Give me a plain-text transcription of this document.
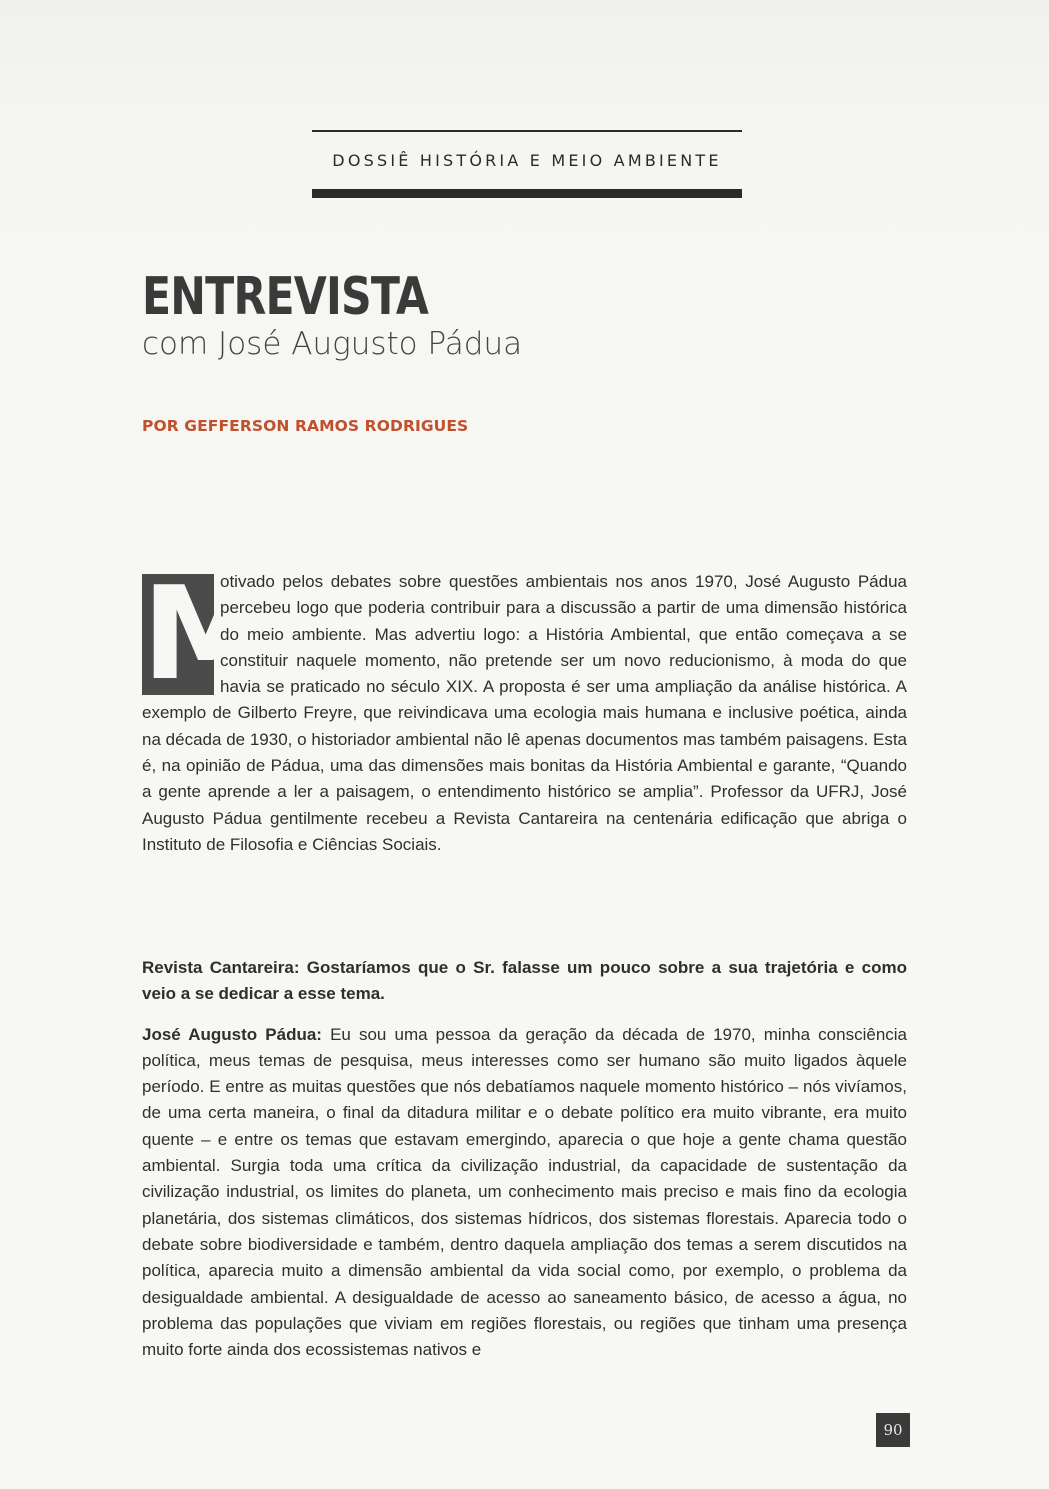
DOSSIÊ HISTÓRIA E MEIO AMBIENTE
ENTREVISTA
com José Augusto Pádua
POR GEFFERSON RAMOS RODRIGUES
M
otivado pelos debates sobre questões ambientais nos anos 1970, José Augusto Pádua percebeu logo que poderia contribuir para a discussão a partir de uma dimensão histórica do meio ambiente. Mas advertiu logo: a História Ambiental, que então começava a se constituir naquele momento, não pretende ser um novo reducionismo, à moda do que havia se praticado no século XIX. A proposta é ser uma ampliação da análise histórica. A exemplo de Gilberto Freyre, que reivindicava uma ecologia mais humana e inclusive poética, ainda na década de 1930, o historiador ambiental não lê apenas documentos mas também paisagens. Esta é, na opinião de Pádua, uma das dimensões mais bonitas da História Ambiental e garante, “Quando a gente aprende a ler a paisagem, o entendimento histórico se amplia”. Professor da UFRJ, José Augusto Pádua gentilmente recebeu a Revista Cantareira na centenária edificação que abriga o Instituto de Filosofia e Ciências Sociais.

Revista Cantareira: Gostaríamos que o Sr. falasse um pouco sobre a sua trajetória e como veio a se dedicar a esse tema.

José Augusto Pádua: Eu sou uma pessoa da geração da década de 1970, minha consciência política, meus temas de pesquisa, meus interesses como ser humano são muito ligados àquele período. E entre as muitas questões que nós debatíamos naquele momento histórico – nós vivíamos, de uma certa maneira, o final da ditadura militar e o debate político era muito vibrante, era muito quente – e entre os temas que estavam emergindo, aparecia o que hoje a gente chama questão ambiental. Surgia toda uma crítica da civilização industrial, da capacidade de sustentação da civilização industrial, os limites do planeta, um conhecimento mais preciso e mais fino da ecologia planetária, dos sistemas climáticos, dos sistemas hídricos, dos sistemas florestais. Aparecia todo o debate sobre biodiversidade e também, dentro daquela ampliação dos temas a serem discutidos na política, aparecia muito a dimensão ambiental da vida social como, por exemplo, o problema da desigualdade ambiental. A desigualdade de acesso ao saneamento básico, de acesso a água, no problema das populações que viviam em regiões florestais, ou regiões que tinham uma presença muito forte ainda dos ecossistemas nativos e

90
